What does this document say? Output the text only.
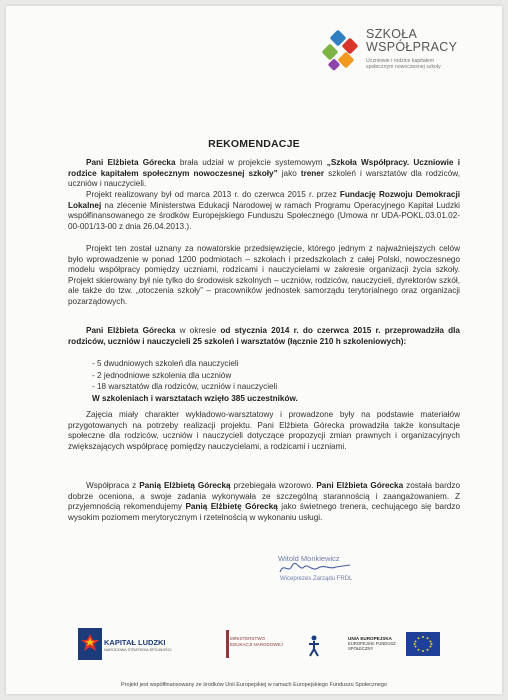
SZKOŁA
WSPÓŁPRACY
Uczniowie i rodzice kapitałem
społecznym nowoczesnej szkoły
REKOMENDACJE
Pani Elżbieta Górecka brała udział w projekcie systemowym „Szkoła Współpracy. Uczniowie i rodzice kapitałem społecznym nowoczesnej szkoły” jako trener szkoleń i warsztatów dla rodziców, uczniów i nauczycieli.
Projekt realizowany był od marca 2013 r. do czerwca 2015 r. przez Fundację Rozwoju Demokracji Lokalnej na zlecenie Ministerstwa Edukacji Narodowej w ramach Programu Operacyjnego Kapitał Ludzki współfinansowanego ze środków Europejskiego Funduszu Społecznego (Umowa nr UDA-POKL.03.01.02-00-001/13-00 z dnia 26.04.2013.).
Projekt ten został uznany za nowatorskie przedsięwzięcie, którego jednym z najważniejszych celów było wprowadzenie w ponad 1200 podmiotach – szkołach i przedszkolach z całej Polski, nowoczesnego modelu współpracy pomiędzy uczniami, rodzicami i nauczycielami w zakresie organizacji życia szkoły. Projekt skierowany był nie tylko do środowisk szkolnych – uczniów, rodziców, nauczycieli, dyrektorów szkół, ale także do tzw. „otoczenia szkoły” – pracowników jednostek samorządu terytorialnego oraz organizacji pozarządowych.
Pani Elżbieta Górecka w okresie od stycznia 2014 r. do czerwca 2015 r. przeprowadziła dla rodziców, uczniów i nauczycieli 25 szkoleń i warsztatów (łącznie 210 h szkoleniowych):
- 5 dwudniowych szkoleń dla nauczycieli
- 2 jednodniowe szkolenia dla uczniów
- 18 warsztatów dla rodziców, uczniów i nauczycieli
W szkoleniach i warsztatach wzięło 385 uczestników.
Zajęcia miały charakter wykładowo-warsztatowy i prowadzone były na podstawie materiałów przygotowanych na potrzeby realizacji projektu. Pani Elżbieta Górecka prowadziła także konsultacje społeczne dla rodziców, uczniów i nauczycieli dotyczące propozycji zmian prawnych i organizacyjnych zwiększających współpracę pomiędzy nauczycielami, a rodzicami i uczniami.
Współpraca z Panią Elżbietą Górecką przebiegała wzorowo. Pani Elżbieta Górecka została bardzo dobrze oceniona, a swoje zadania wykonywała ze szczególną starannością i zaangażowaniem. Z przyjemnością rekomendujemy Panią Elżbietę Górecką jako świetnego trenera, cechującego się bardzo wysokim poziomem merytorycznym i rzetelnością w wykonaniu usługi.
Witold Monkiewicz
Wiceprezes Zarządu FRDL
KAPITAŁ LUDZKI
NARODOWA STRATEGIA SPÓJNOŚCI
MINISTERSTWO EDUKACJI NARODOWEJ
UNIA EUROPEJSKA
EUROPEJSKI FUNDUSZ SPOŁECZNY
Projekt jest współfinansowany ze środków Unii Europejskiej w ramach Europejskiego Funduszu Społecznego
